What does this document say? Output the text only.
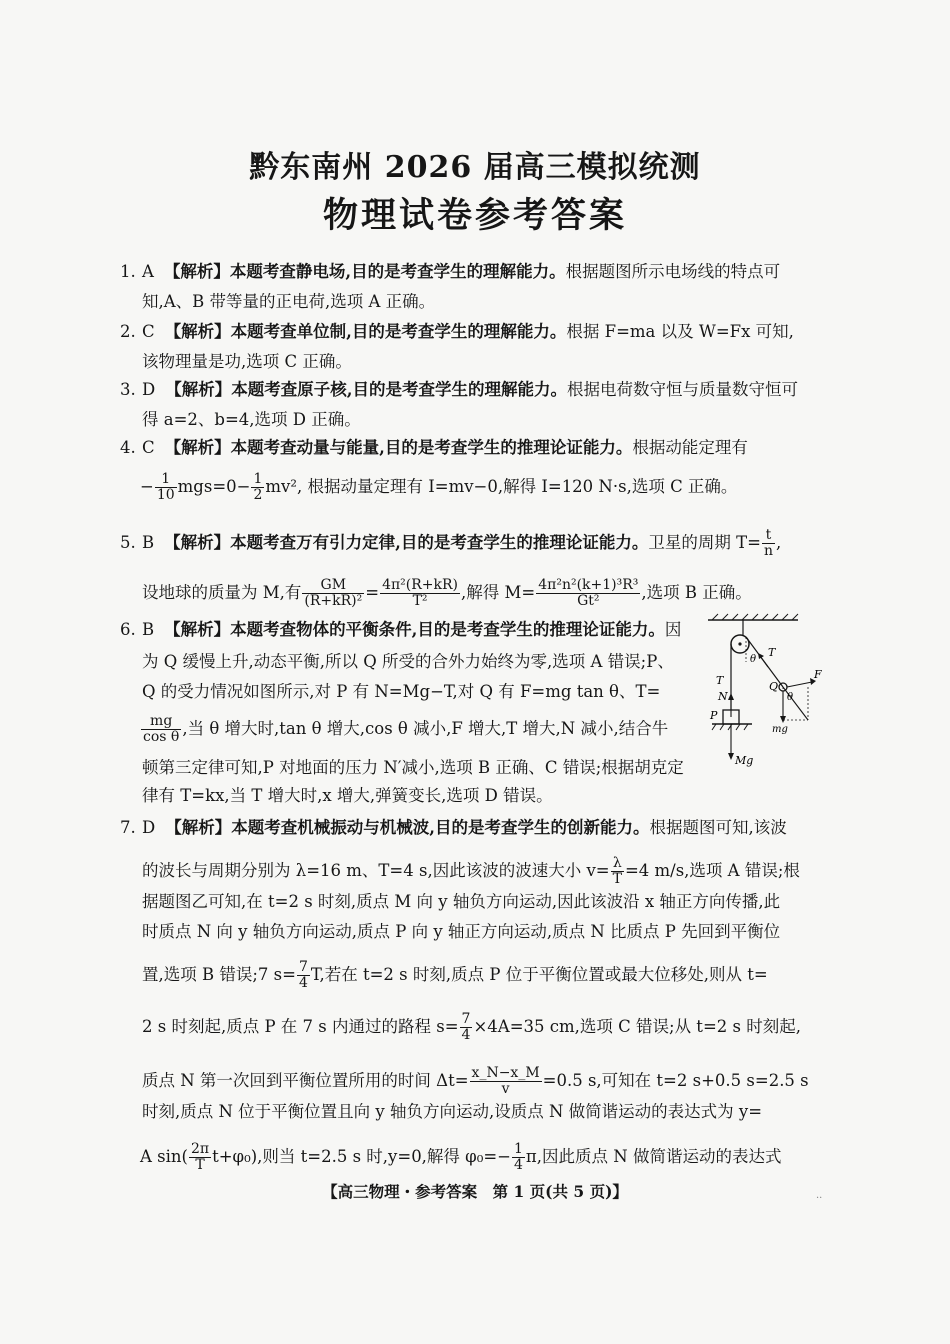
黔东南州 2026 届高三模拟统测
物理试卷参考答案
1. A 【解析】本题考查静电场,目的是考查学生的理解能力。根据题图所示电场线的特点可
知,A、B 带等量的正电荷,选项 A 正确。
2. C 【解析】本题考查单位制,目的是考查学生的理解能力。根据 F=ma 以及 W=Fx 可知,
该物理量是功,选项 C 正确。
3. D 【解析】本题考查原子核,目的是考查学生的理解能力。根据电荷数守恒与质量数守恒可
得 a=2、b=4,选项 D 正确。
4. C 【解析】本题考查动量与能量,目的是考查学生的推理论证能力。根据动能定理有
− $\frac{1}{10} mgs=0- \frac{1}{2} mv^2$, 根据动量定理有 I=mv−0,解得 I=120 N·s,选项 C 正确。
5. B 【解析】本题考查万有引力定律,目的是考查学生的推理论证能力。卫星的周期 $T= \frac{t}{n}$ ,
设地球的质量为 M,有 $\frac{GM}{\text{(R+kR)²}} = \frac{\text{4π²(R+kR)}}{\text{T²}}$ ,解得 $M= \frac{\text{4π²n²(k+1)³R³}}{\text{Gt²}}$ ,选项 B 正确。
6. B 【解析】本题考查物体的平衡条件,目的是考查学生的推理论证能力。因
为 Q 缓慢上升,动态平衡,所以 Q 所受的合外力始终为零,选项 A 错误;P、
Q 的受力情况如图所示,对 P 有 N=Mg−T,对 Q 有 F=mg tan θ、T=
$\frac{mg}{\text{cos θ}}$ ,当 θ 增大时,tan θ 增大,cos θ 减小,F 增大,T 增大,N 减小,结合牛
顿第三定律可知,P 对地面的压力 N′减小,选项 B 正确、C 错误;根据胡克定
律有 T=kx,当 T 增大时,x 增大,弹簧变长,选项 D 错误。
θ
T
F
T
N
Q
θ
P
mg
Mg
7. D 【解析】本题考查机械振动与机械波,目的是考查学生的创新能力。根据题图可知,该波
的波长与周期分别为 λ=16 m、T=4 s,因此该波的波速大小 $v= \frac{\lambda}{T} =4$ m/s,选项 A 错误;根
据题图乙可知,在 t=2 s 时刻,质点 M 向 y 轴负方向运动,因此该波沿 x 轴正方向传播,此
时质点 N 向 y 轴负方向运动,质点 P 向 y 轴正方向运动,质点 N 比质点 P 先回到平衡位
置,选项 B 错误;7 $s= \frac{7}{4} T$,若在 t=2 s 时刻,质点 P 位于平衡位置或最大位移处,则从 t=
2 s 时刻起,质点 P 在 7 s 内通过的路程 $s= \frac{7}{4} \times 4A=35$ cm,选项 C 错误;从 t=2 s 时刻起,
质点 N 第一次回到平衡位置所用的时间 $\Delta t= \frac{x\_N-x\_M}{v} =0.5$ s,可知在 t=2 s+0.5 s=2.5 s
时刻,质点 N 位于平衡位置且向 y 轴负方向运动,设质点 N 做简谐运动的表达式为 y=
A $\sin( \frac{2\pi}{T} t+\varphi_0)$,则当 t=2.5 s 时,y=0,解得 $\varphi_0=- \frac{1}{4} \pi$,因此质点 N 做简谐运动的表达式
【高三物理・参考答案　第 1 页(共 5 页)】	··
